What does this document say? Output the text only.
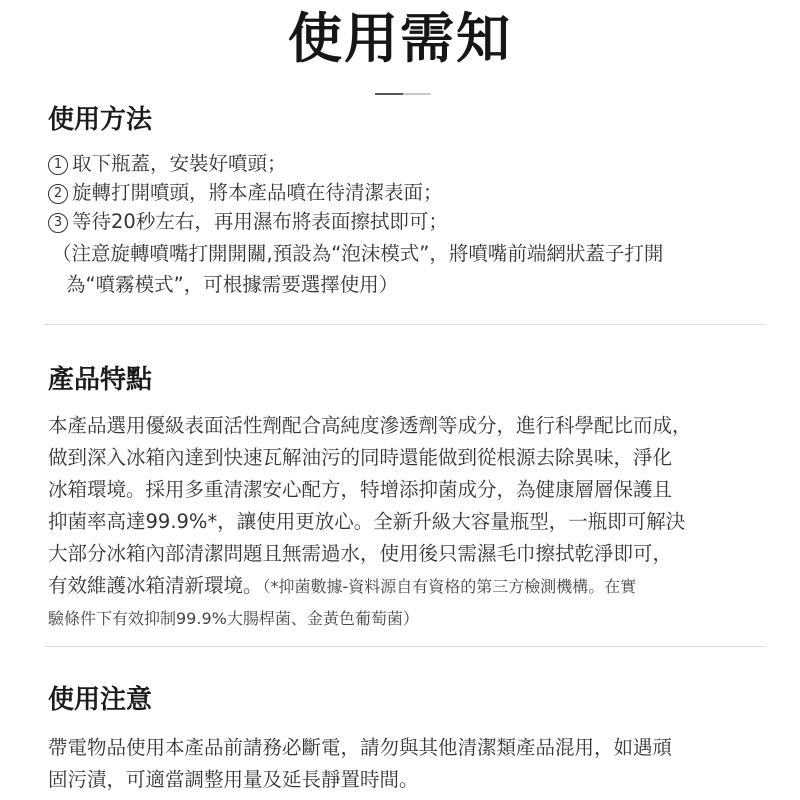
使用需知
使用方法
1 取下瓶蓋，安裝好噴頭；
2 旋轉打開噴頭，將本產品噴在待清潔表面；
3 等待20秒左右，再用濕布將表面擦拭即可；
（注意旋轉噴嘴打開開關,預設為“泡沫模式”，將噴嘴前端網狀蓋子打開
為“噴霧模式”，可根據需要選擇使用）
產品特點
本產品選用優級表面活性劑配合高純度滲透劑等成分，進行科學配比而成，
做到深入冰箱內達到快速瓦解油污的同時還能做到從根源去除異味，淨化
冰箱環境。採用多重清潔安心配方，特增添抑菌成分，為健康層層保護且
抑菌率高達99.9%*，讓使用更放心。全新升級大容量瓶型，一瓶即可解決
大部分冰箱內部清潔問題且無需過水，使用後只需濕毛巾擦拭乾淨即可，
有效維護冰箱清新環境。（*抑菌數據-資料源自有資格的第三方檢測機構。在實
驗條件下有效抑制99.9%大腸桿菌、金黃色葡萄菌）
使用注意
帶電物品使用本產品前請務必斷電，請勿與其他清潔類產品混用，如遇頑
固污漬，可適當調整用量及延長靜置時間。
